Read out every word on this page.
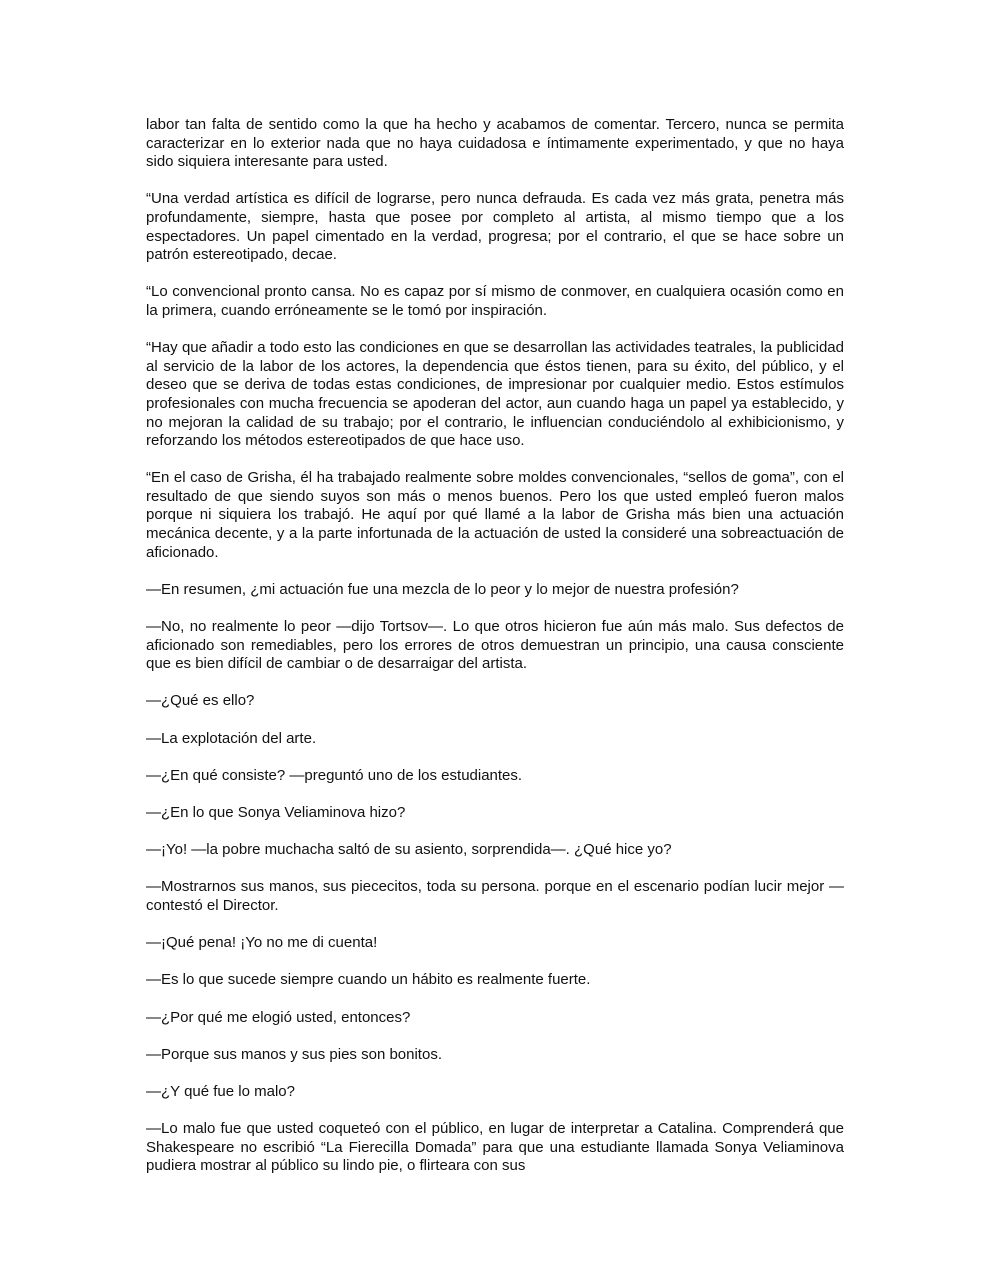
labor tan falta de sentido como la que ha hecho y acabamos de comentar. Tercero, nunca se permita caracterizar en lo exterior nada que no haya cuidadosa e íntimamente experimentado, y que no haya sido siquiera interesante para usted.

“Una verdad artística es difícil de lograrse, pero nunca defrauda. Es cada vez más grata, penetra más profundamente, siempre, hasta que posee por completo al artista, al mismo tiempo que a los espectadores. Un papel cimentado en la verdad, progresa; por el contrario, el que se hace sobre un patrón estereotipado, decae.

“Lo convencional pronto cansa. No es capaz por sí mismo de conmover, en cualquiera ocasión como en la primera, cuando erróneamente se le tomó por inspiración.

“Hay que añadir a todo esto las condiciones en que se desarrollan las actividades teatrales, la publicidad al servicio de la labor de los actores, la dependencia que éstos tienen, para su éxito, del público, y el deseo que se deriva de todas estas condiciones, de impresionar por cualquier medio. Estos estímulos profesionales con mucha frecuencia se apoderan del actor, aun cuando haga un papel ya establecido, y no mejoran la calidad de su trabajo; por el contrario, le influencian conduciéndolo al exhibicionismo, y reforzando los métodos estereotipados de que hace uso.

“En el caso de Grisha, él ha trabajado realmente sobre moldes convencionales, “sellos de goma”, con el resultado de que siendo suyos son más o menos buenos. Pero los que usted empleó fueron malos porque ni siquiera los trabajó. He aquí por qué llamé a la labor de Grisha más bien una actuación mecánica decente, y a la parte infortunada de la actuación de usted la consideré una sobreactuación de aficionado.

—En resumen, ¿mi actuación fue una mezcla de lo peor y lo mejor de nuestra profesión?

—No, no realmente lo peor —dijo Tortsov—. Lo que otros hicieron fue aún más malo. Sus defectos de aficionado son remediables, pero los errores de otros demuestran un principio, una causa consciente que es bien difícil de cambiar o de desarraigar del artista.

—¿Qué es ello?

—La explotación del arte.

—¿En qué consiste? —preguntó uno de los estudiantes.

—¿En lo que Sonya Veliaminova hizo?

—¡Yo! —la pobre muchacha saltó de su asiento, sorprendida—. ¿Qué hice yo?

—Mostrarnos sus manos, sus piececitos, toda su persona. porque en el escenario podían lucir mejor —contestó el Director.

—¡Qué pena! ¡Yo no me di cuenta!

—Es lo que sucede siempre cuando un hábito es realmente fuerte.

—¿Por qué me elogió usted, entonces?

—Porque sus manos y sus pies son bonitos.

—¿Y qué fue lo malo?

—Lo malo fue que usted coqueteó con el público, en lugar de interpretar a Catalina. Comprenderá que Shakespeare no escribió “La Fierecilla Domada” para que una estudiante llamada Sonya Veliaminova pudiera mostrar al público su lindo pie, o flirteara con sus
